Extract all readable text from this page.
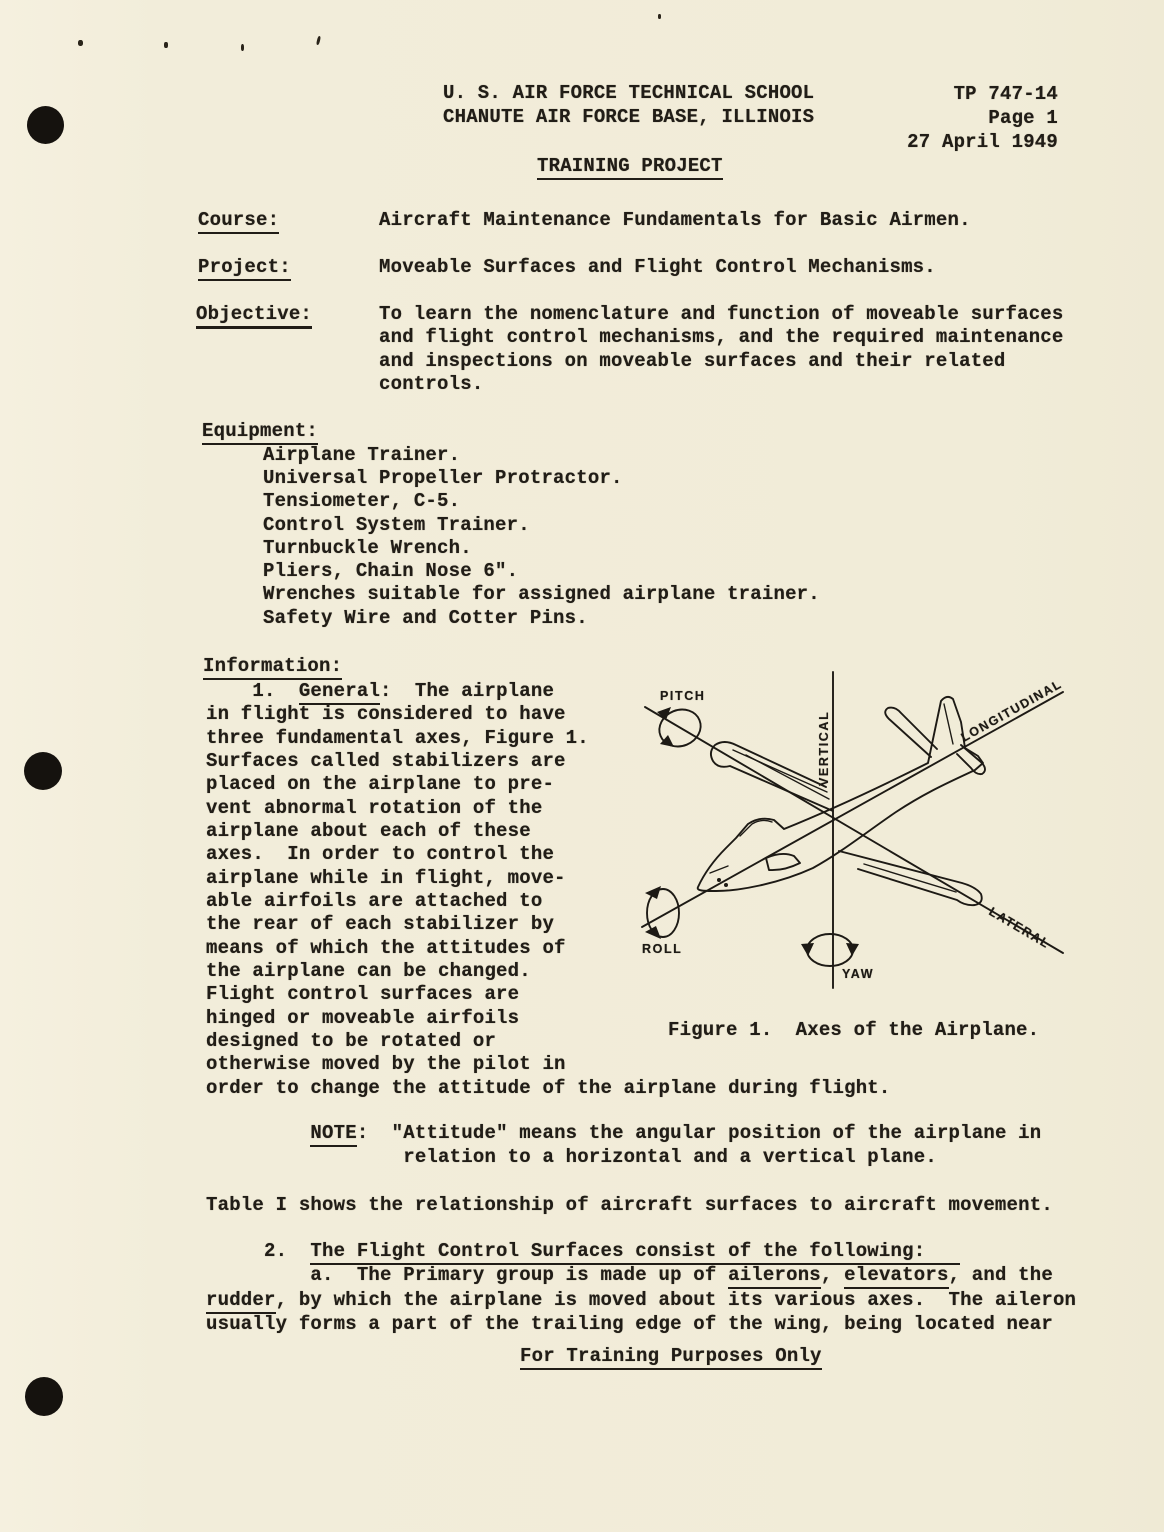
U. S. AIR FORCE TECHNICAL SCHOOL
CHANUTE AIR FORCE BASE, ILLINOIS
TP 747-14
Page 1
27 April 1949
TRAINING PROJECT
Course:	Aircraft Maintenance Fundamentals for Basic Airmen.
Project:	Moveable Surfaces and Flight Control Mechanisms.
Objective:	To learn the nomenclature and function of moveable surfaces
and flight control mechanisms, and the required maintenance
and inspections on moveable surfaces and their related
controls.
Equipment:
Airplane Trainer.
Universal Propeller Protractor.
Tensiometer, C-5.
Control System Trainer.
Turnbuckle Wrench.
Pliers, Chain Nose 6".
Wrenches suitable for assigned airplane trainer.
Safety Wire and Cotter Pins.
Information:
1.  General:  The airplane
in flight is considered to have
three fundamental axes, Figure 1.
Surfaces called stabilizers are
placed on the airplane to pre-
vent abnormal rotation of the
airplane about each of these
axes.  In order to control the
airplane while in flight, move-
able airfoils are attached to
the rear of each stabilizer by
means of which the attitudes of
the airplane can be changed.
Flight control surfaces are
hinged or moveable airfoils
designed to be rotated or
otherwise moved by the pilot in
order to change the attitude of the airplane during flight.
NOTE:  "Attitude" means the angular position of the airplane in
relation to a horizontal and a vertical plane.
Table I shows the relationship of aircraft surfaces to aircraft movement.
2.  The Flight Control Surfaces consist of the following:
a.  The Primary group is made up of ailerons, elevators, and the
rudder, by which the airplane is moved about its various axes.  The aileron
usually forms a part of the trailing edge of the wing, being located near
For Training Purposes Only
PITCH
ROLL
YAW
VERTICAL	LONGITUDINAL
LATERAL
Figure 1.  Axes of the Airplane.
